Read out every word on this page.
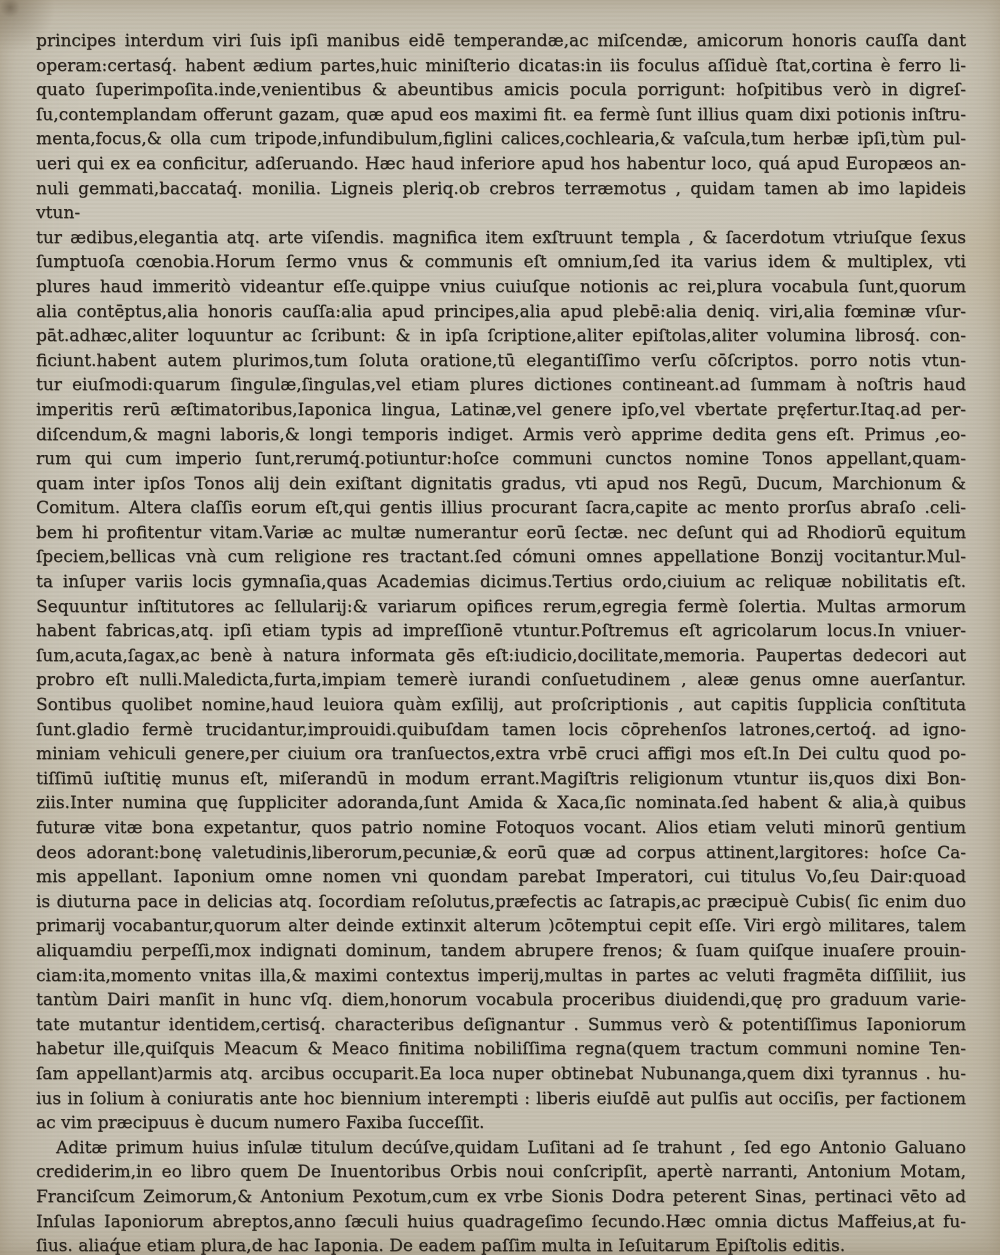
principes interdum viri ſuis ipſi manibus eidē temperandæ,ac miſcendæ, amicorum honoris cauſſa dant
operam:certasq́. habent ædium partes,huic miniſterio dicatas:in iis foculus aſſiduè ſtat,cortina è ferro li-
quato ſuperimpoſita.inde,venientibus & abeuntibus amicis pocula porrigunt: hoſpitibus verò in digreſ-
ſu,contemplandam offerunt gazam, quæ apud eos maximi fit. ea fermè ſunt illius quam dixi potionis inſtru-
menta,focus,& olla cum tripode,infundibulum,figlini calices,cochlearia,& vaſcula,tum herbæ ipſi,tùm pul-
ueri qui ex ea conficitur, adſeruando. Hæc haud inferiore apud hos habentur loco, quá apud Europæos an-
nuli gemmati,baccataq́. monilia. Ligneis pleriq.ob crebros terræmotus , quidam tamen ab imo lapideis vtun-
tur ædibus,elegantia atq. arte viſendis. magnifica item exſtruunt templa , & ſacerdotum vtriuſque ſexus
ſumptuoſa cœnobia.Horum ſermo vnus & communis eſt omnium,ſed ita varius idem & multiplex, vti
plures haud immeritò videantur eſſe.quippe vnius cuiuſque notionis ac rei,plura vocabula ſunt,quorum
alia contēptus,alia honoris cauſſa:alia apud principes,alia apud plebē:alia deniq. viri,alia fœminæ vſur-
pāt.adhæc,aliter loquuntur ac ſcribunt: & in ipſa ſcriptione,aliter epiſtolas,aliter volumina librosq́. con-
ficiunt.habent autem plurimos,tum ſoluta oratione,tū elegantiſſimo verſu cōſcriptos. porro notis vtun-
tur eiuſmodi:quarum ſingulæ,ſingulas,vel etiam plures dictiones contineant.ad ſummam à noſtris haud
imperitis rerū æſtimatoribus,Iaponica lingua, Latinæ,vel genere ipſo,vel vbertate pręfertur.Itaq.ad per-
diſcendum,& magni laboris,& longi temporis indiget. Armis verò apprime dedita gens eſt. Primus ,eo-
rum qui cum imperio ſunt,rerumq́.potiuntur:hoſce communi cunctos nomine Tonos appellant,quam-
quam inter ipſos Tonos alij dein exiſtant dignitatis gradus, vti apud nos Regū, Ducum, Marchionum &
Comitum. Altera claſſis eorum eſt,qui gentis illius procurant ſacra,capite ac mento prorſus abraſo .celi-
bem hi profitentur vitam.Variæ ac multæ numerantur eorū ſectæ. nec deſunt qui ad Rhodiorū equitum
ſpeciem,bellicas vnà cum religione res tractant.ſed cómuni omnes appellatione Bonzij vocitantur.Mul-
ta inſuper variis locis gymnaſia,quas Academias dicimus.Tertius ordo,ciuium ac reliquæ nobilitatis eſt.
Sequuntur inſtitutores ac ſellularij:& variarum opifices rerum,egregia fermè ſolertia. Multas armorum
habent fabricas,atq. ipſi etiam typis ad impreſſionē vtuntur.Poſtremus eſt agricolarum locus.In vniuer-
ſum,acuta,ſagax,ac benè à natura informata gēs eſt:iudicio,docilitate,memoria. Paupertas dedecori aut
probro eſt nulli.Maledicta,furta,impiam temerè iurandi conſuetudinem , aleæ genus omne auerſantur.
Sontibus quolibet nomine,haud leuiora quàm exſilij, aut proſcriptionis , aut capitis ſupplicia conſtituta
ſunt.gladio fermè trucidantur,improuidi.quibuſdam tamen locis cōprehenſos latrones,certoq́. ad igno-
miniam vehiculi genere,per ciuium ora tranſuectos,extra vrbē cruci affigi mos eſt.In Dei cultu quod po-
tiſſimū iuſtitię munus eſt, miſerandū in modum errant.Magiſtris religionum vtuntur iis,quos dixi Bon-
ziis.Inter numina quę ſuppliciter adoranda,ſunt Amida & Xaca,ſic nominata.ſed habent & alia,à quibus
futuræ vitæ bona expetantur, quos patrio nomine Fotoquos vocant. Alios etiam veluti minorū gentium
deos adorant:bonę valetudinis,liberorum,pecuniæ,& eorū quæ ad corpus attinent,largitores: hoſce Ca-
mis appellant. Iaponium omne nomen vni quondam parebat Imperatori, cui titulus Vo,ſeu Dair:quoad
is diuturna pace in delicias atq. ſocordiam reſolutus,præfectis ac ſatrapis,ac præcipuè Cubis( ſic enim duo
primarij vocabantur,quorum alter deinde extinxit alterum )cōtemptui cepit eſſe. Viri ergò militares, talem
aliquamdiu perpeſſi,mox indignati dominum, tandem abrupere frenos; & ſuam quiſque inuaſere prouin-
ciam:ita,momento vnitas illa,& maximi contextus imperij,multas in partes ac veluti fragmēta diſſiliit, ius
tantùm Dairi manſit in hunc vſq. diem,honorum vocabula proceribus diuidendi,quę pro graduum varie-
tate mutantur identidem,certisq́. characteribus deſignantur . Summus verò & potentiſſimus Iaponiorum
habetur ille,quiſquis Meacum & Meaco finitima nobiliſſima regna(quem tractum communi nomine Ten-
ſam appellant)armis atq. arcibus occuparit.Ea loca nuper obtinebat Nubunanga,quem dixi tyrannus . hu-
ius in ſolium à coniuratis ante hoc biennium interempti : liberis eiuſdē aut pulſis aut occiſis, per factionem
ac vim præcipuus è ducum numero Faxiba ſucceſſit.
Aditæ primum huius inſulæ titulum decúſve,quidam Luſitani ad ſe trahunt , ſed ego Antonio Galuano
crediderim,in eo libro quem De Inuentoribus Orbis noui conſcripſit, apertè narranti, Antonium Motam,
Franciſcum Zeimorum,& Antonium Pexotum,cum ex vrbe Sionis Dodra peterent Sinas, pertinaci vēto ad
Inſulas Iaponiorum abreptos,anno ſæculi huius quadrageſimo ſecundo.Hæc omnia dictus Maffeius,at fu-
ſius. aliaq́ue etiam plura,de hac Iaponia. De eadem paſſim multa in Ieſuitarum Epiſtolis editis.
